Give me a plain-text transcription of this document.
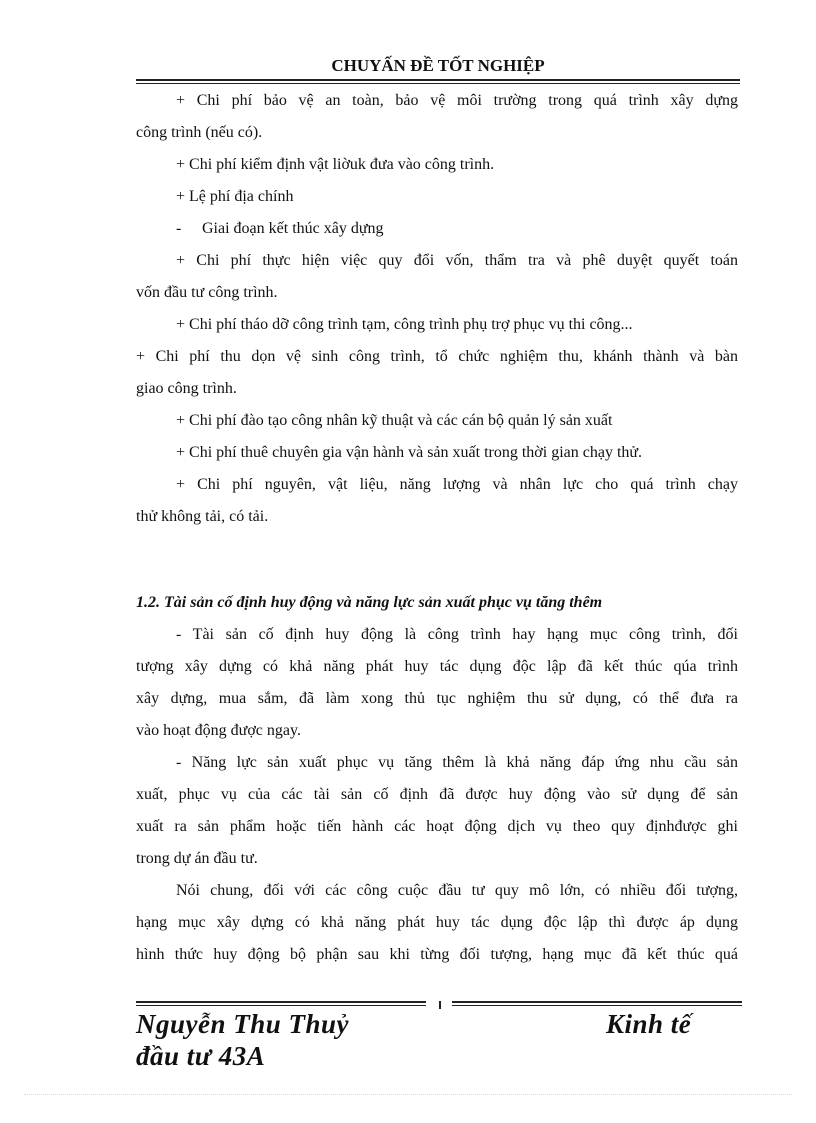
CHUYẤN ĐỀ TỐT NGHIỆP
+ Chi phí bảo vệ an toàn, bảo vệ môi trường trong quá trình xây dựng
công trình (nếu có).
+ Chi phí kiểm định vật liờuk đưa vào công trình.
+ Lệ phí địa chính
- Giai đoạn kết thúc xây dựng
+ Chi phí thực hiện việc quy đổi vốn, thẩm tra và phê duyệt quyết toán
vốn đầu tư công trình.
+ Chi phí tháo dỡ công trình tạm, công trình phụ trợ phục vụ thi công...
+ Chi phí thu dọn vệ sinh công trình, tổ chức nghiệm thu, khánh thành và bàn
giao công trình.
+ Chi phí đào tạo công nhân kỹ thuật và các cán bộ quản lý sản xuất
+ Chi phí thuê chuyên gia vận hành và sản xuất trong thời gian chạy thử.
+ Chi phí nguyên, vật liệu, năng lượng và nhân lực cho quá trình chạy
thử không tải, có tải.
1.2. Tài sản cố định huy động và năng lực sản xuất phục vụ tăng thêm
- Tài sản cố định huy động là công trình hay hạng mục công trình, đối
tượng xây dựng có khả năng phát huy tác dụng độc lập đã kết thúc qúa trình
xây dựng, mua sắm, đã làm xong thủ tục nghiệm thu sử dụng, có thể đưa ra
vào hoạt động được ngay.
- Năng lực sản xuất phục vụ tăng thêm là khả năng đáp ứng nhu cầu sản
xuất, phục vụ của các tài sản cố định đã được huy động vào sử dụng để sản
xuất ra sản phẩm hoặc tiến hành các hoạt động dịch vụ theo quy địnhđược ghi
trong dự án đầu tư.
Nói chung, đối với các công cuộc đầu tư quy mô lớn, có nhiều đối tượng,
hạng mục xây dựng có khả năng phát huy tác dụng độc lập thì được áp dụng
hình thức huy động bộ phận sau khi từng đối tượng, hạng mục đã kết thúc quá
Nguyễn Thu Thuỷ	Kinh tế
đầu tư 43A
